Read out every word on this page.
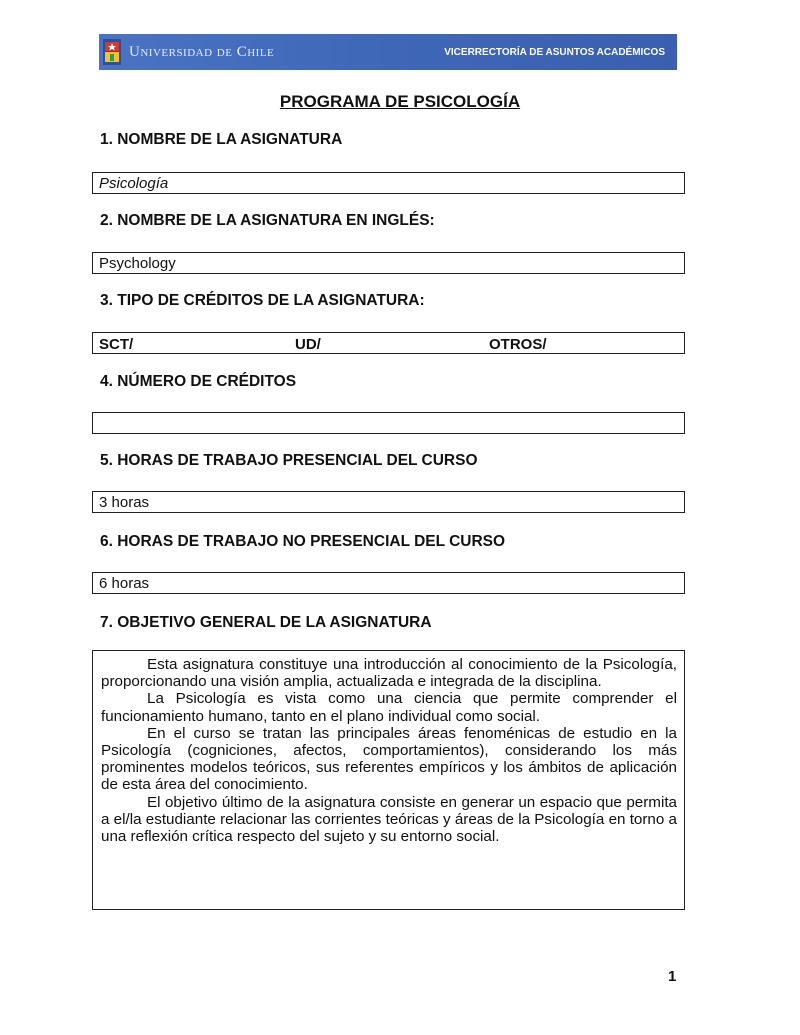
Universidad de Chile	VICERRECTORÍA DE ASUNTOS ACADÉMICOS
PROGRAMA DE PSICOLOGÍA
1. NOMBRE DE LA ASIGNATURA
Psicología
2. NOMBRE DE LA ASIGNATURA EN INGLÉS:
Psychology
3. TIPO DE CRÉDITOS DE LA ASIGNATURA:
SCT/	UD/	OTROS/
4. NÚMERO DE CRÉDITOS
5. HORAS DE TRABAJO PRESENCIAL DEL CURSO
3 horas
6. HORAS DE TRABAJO NO PRESENCIAL DEL CURSO
6 horas
7. OBJETIVO GENERAL DE LA ASIGNATURA

Esta asignatura constituye una introducción al conocimiento de la Psicología, proporcionando una visión amplia, actualizada e integrada de la disciplina.

La Psicología es vista como una ciencia que permite comprender el funcionamiento humano, tanto en el plano individual como social.

En el curso se tratan las principales áreas fenoménicas de estudio en la Psicología (cogniciones, afectos, comportamientos), considerando los más prominentes modelos teóricos, sus referentes empíricos y los ámbitos de aplicación de esta área del conocimiento.

El objetivo último de la asignatura consiste en generar un espacio que permita a el/la estudiante relacionar las corrientes teóricas y áreas de la Psicología en torno a una reflexión crítica respecto del sujeto y su entorno social.

1
